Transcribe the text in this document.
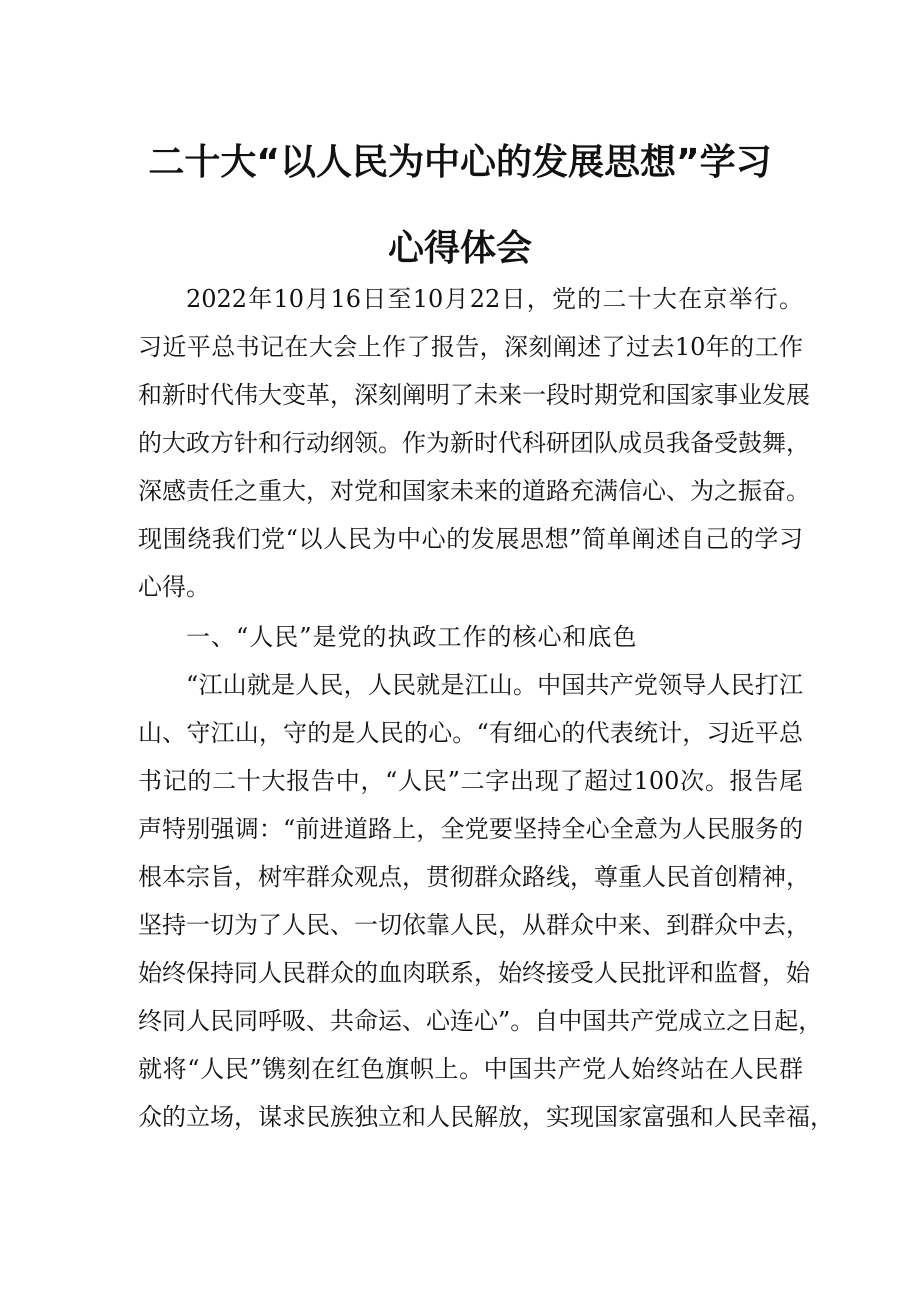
二十大“以人民为中心的发展思想”学习
心得体会
2022年10月16日至10月22日，党的二十大在京举行。
习近平总书记在大会上作了报告，深刻阐述了过去10年的工作
和新时代伟大变革，深刻阐明了未来一段时期党和国家事业发展
的大政方针和行动纲领。作为新时代科研团队成员我备受鼓舞，
深感责任之重大，对党和国家未来的道路充满信心、为之振奋。
现围绕我们党“以人民为中心的发展思想”简单阐述自己的学习
心得。
一、“人民”是党的执政工作的核心和底色
“江山就是人民，人民就是江山。中国共产党领导人民打江
山、守江山，守的是人民的心。“有细心的代表统计，习近平总
书记的二十大报告中，“人民”二字出现了超过100次。报告尾
声特别强调：“前进道路上，全党要坚持全心全意为人民服务的
根本宗旨，树牢群众观点，贯彻群众路线，尊重人民首创精神，
坚持一切为了人民、一切依靠人民，从群众中来、到群众中去，
始终保持同人民群众的血肉联系，始终接受人民批评和监督，始
终同人民同呼吸、共命运、心连心”。自中国共产党成立之日起，
就将“人民”镌刻在红色旗帜上。中国共产党人始终站在人民群
众的立场，谋求民族独立和人民解放，实现国家富强和人民幸福，
